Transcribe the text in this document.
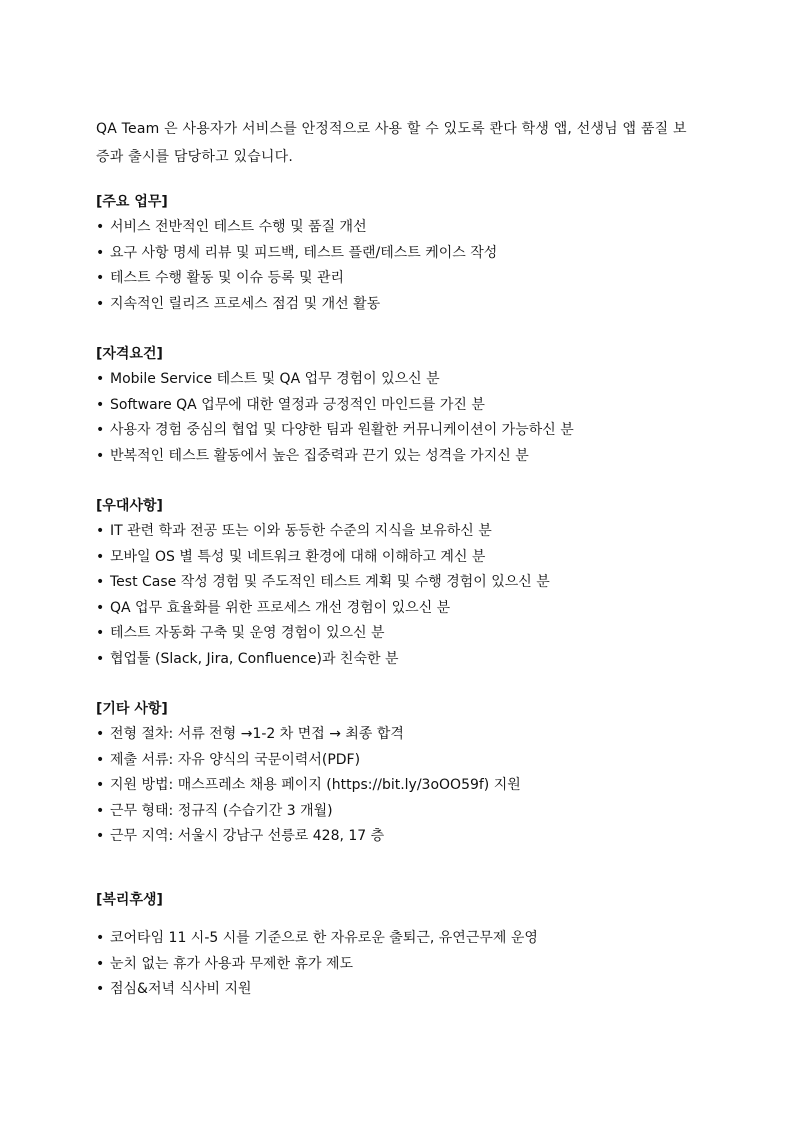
QA Team 은 사용자가 서비스를 안정적으로 사용 할 수 있도록 콴다 학생 앱, 선생님 앱 품질 보증과 출시를 담당하고 있습니다.

[주요 업무]

• 서비스 전반적인 테스트 수행 및 품질 개선
• 요구 사항 명세 리뷰 및 피드백, 테스트 플랜/테스트 케이스 작성
• 테스트 수행 활동 및 이슈 등록 및 관리
• 지속적인 릴리즈 프로세스 점검 및 개선 활동

[자격요건]

• Mobile Service 테스트 및 QA 업무 경험이 있으신 분
• Software QA 업무에 대한 열정과 긍정적인 마인드를 가진 분
• 사용자 경험 중심의 협업 및 다양한 팀과 원활한 커뮤니케이션이 가능하신 분
• 반복적인 테스트 활동에서 높은 집중력과 끈기 있는 성격을 가지신 분

[우대사항]

• IT 관련 학과 전공 또는 이와 동등한 수준의 지식을 보유하신 분
• 모바일 OS 별 특성 및 네트워크 환경에 대해 이해하고 계신 분
• Test Case 작성 경험 및 주도적인 테스트 계획 및 수행 경험이 있으신 분
• QA 업무 효율화를 위한 프로세스 개선 경험이 있으신 분
• 테스트 자동화 구축 및 운영 경험이 있으신 분
• 협업툴 (Slack, Jira, Confluence)과 친숙한 분

[기타 사항]

• 전형 절차: 서류 전형 →1-2 차 면접 → 최종 합격
• 제출 서류: 자유 양식의 국문이력서(PDF)
• 지원 방법: 매스프레소 채용 페이지 (https://bit.ly/3oOO59f) 지원
• 근무 형태: 정규직 (수습기간 3 개월)
• 근무 지역: 서울시 강남구 선릉로 428, 17 층

[복리후생]

• 코어타임 11 시-5 시를 기준으로 한 자유로운 출퇴근, 유연근무제 운영
• 눈치 없는 휴가 사용과 무제한 휴가 제도
• 점심&저녁 식사비 지원
